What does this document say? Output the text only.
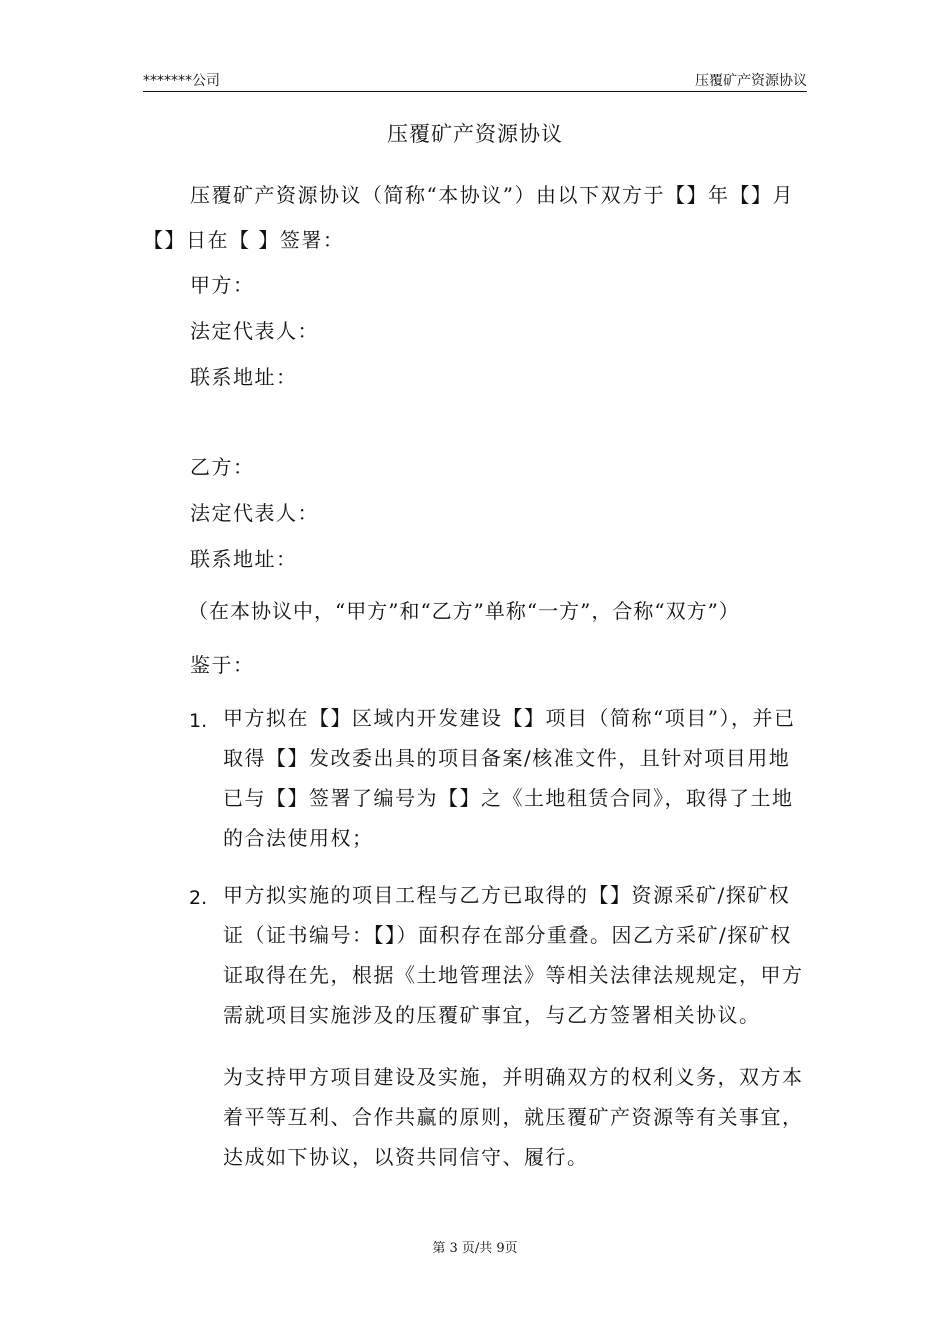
*******公司	压覆矿产资源协议
压覆矿产资源协议
压覆矿产资源协议（简称“本协议”）由以下双方于【】年【】月【】日在【 】签署：
甲方：
法定代表人：
联系地址：
乙方：
法定代表人：
联系地址：
（在本协议中，“甲方”和“乙方”单称“一方”，合称“双方”）
鉴于：
1. 甲方拟在【】区域内开发建设【】项目（简称“项目”），并已取得【】发改委出具的项目备案/核准文件，且针对项目用地已与【】签署了编号为【】之《土地租赁合同》，取得了土地的合法使用权；
2. 甲方拟实施的项目工程与乙方已取得的【】资源采矿/探矿权证（证书编号：【】）面积存在部分重叠。因乙方采矿/探矿权证取得在先，根据《土地管理法》等相关法律法规规定，甲方需就项目实施涉及的压覆矿事宜，与乙方签署相关协议。
为支持甲方项目建设及实施，并明确双方的权利义务，双方本着平等互利、合作共赢的原则，就压覆矿产资源等有关事宜，达成如下协议，以资共同信守、履行。
第 3 页/共 9页
